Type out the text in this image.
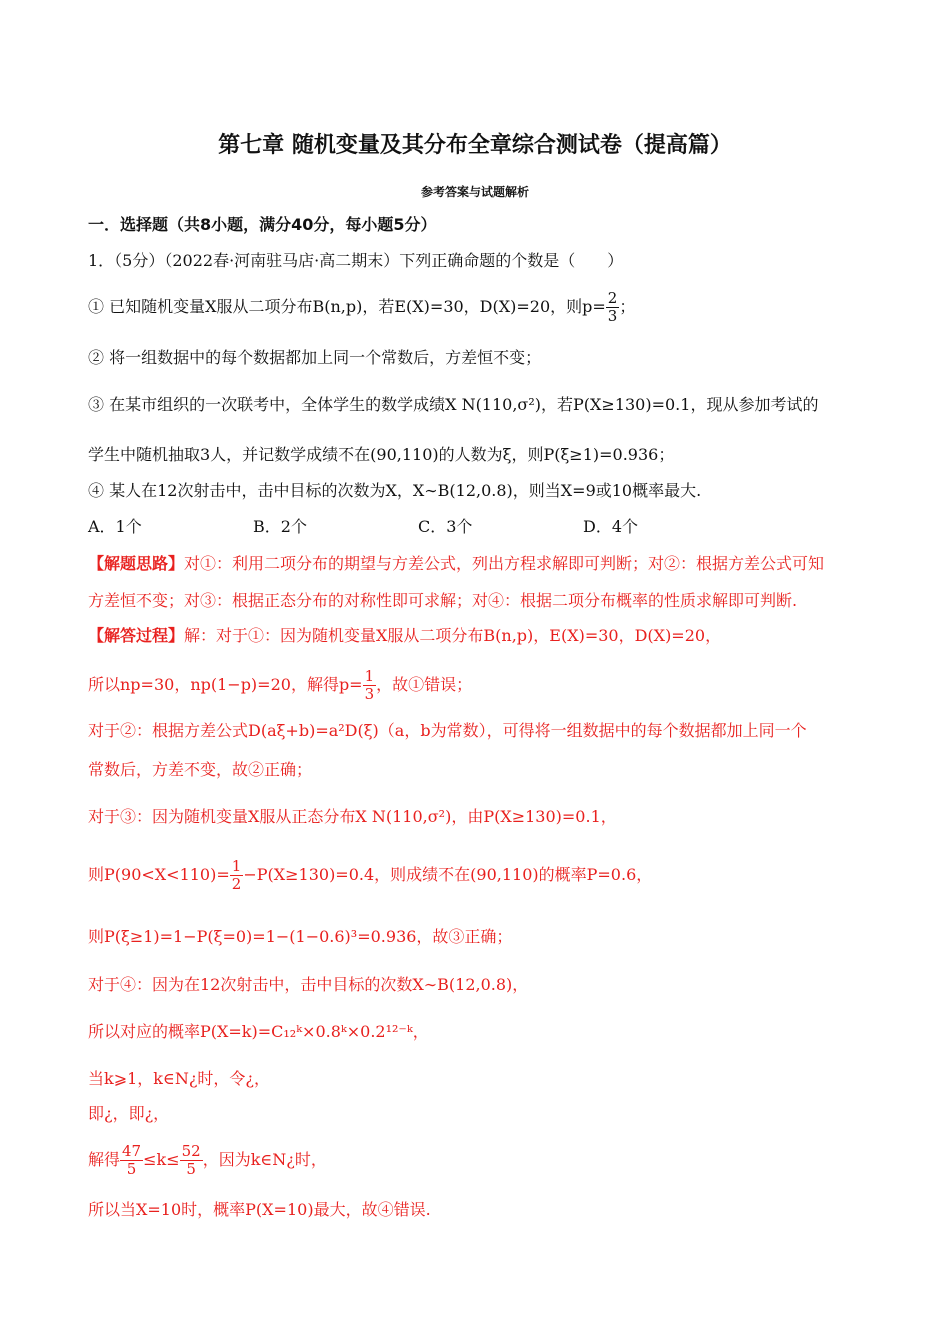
第七章 随机变量及其分布全章综合测试卷（提高篇）
参考答案与试题解析
一．选择题（共8小题，满分40分，每小题5分）
1．（5分）（2022春·河南驻马店·高二期末）下列正确命题的个数是（　　）
① 已知随机变量X服从二项分布B(n,p)，若E(X)=30，D(X)=20，则$p= \frac{2}{3}$ ；
② 将一组数据中的每个数据都加上同一个常数后，方差恒不变；
③ 在某市组织的一次联考中，全体学生的数学成绩X N(110,σ²)，若P(X≥130)=0.1，现从参加考试的
学生中随机抽取3人，并记数学成绩不在(90,110)的人数为ξ，则P(ξ≥1)=0.936；
④ 某人在12次射击中，击中目标的次数为X，X∼B(12,0.8)，则当X=9或10概率最大.
A．1个	B．2个	C．3个	D．4个
【解题思路】对①：利用二项分布的期望与方差公式，列出方程求解即可判断；对②：根据方差公式可知
方差恒不变；对③：根据正态分布的对称性即可求解；对④：根据二项分布概率的性质求解即可判断.
【解答过程】解：对于①：因为随机变量X服从二项分布B(n,p)，E(X)=30，D(X)=20，
所以np=30，np(1−p)=20，解得$p= \frac{1}{3}$ ，故①错误；
对于②：根据方差公式D(aξ+b)=a²D(ξ)（a，b为常数），可得将一组数据中的每个数据都加上同一个
常数后，方差不变，故②正确；
对于③：因为随机变量X服从正态分布X N(110,σ²)，由P(X≥130)=0.1，
则$P(90<X<110)= \frac{1}{2} -P(X\ge 130)=0.4$，则成绩不在(90,110)的概率P=0.6，
则P(ξ≥1)=1−P(ξ=0)=1−(1−0.6)³=0.936，故③正确；
对于④：因为在12次射击中，击中目标的次数X∼B(12,0.8)，
所以对应的概率P(X=k)=C₁₂ᵏ×0.8ᵏ×0.2¹²⁻ᵏ，
当k⩾1，k∈N¿时，令¿，
即¿，即¿，
解得 $\frac{47}{5} \le k\le \frac{52}{5}$ ，因为k∈N¿时，
所以当X=10时，概率P(X=10)最大，故④错误.
